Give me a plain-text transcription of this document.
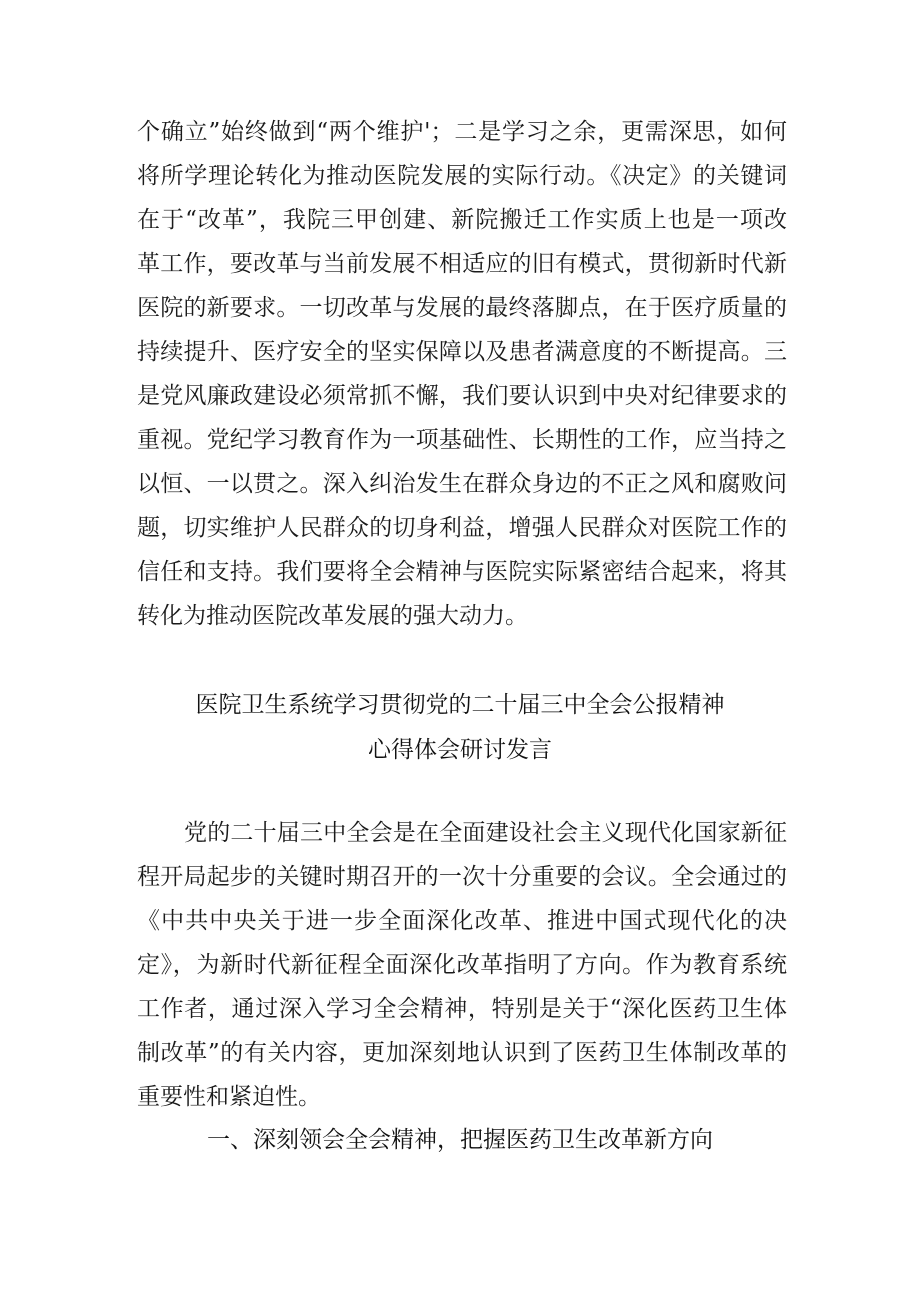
个确立”始终做到“两个维护'；二是学习之余，更需深思，如何
将所学理论转化为推动医院发展的实际行动。《决定》的关键词
在于“改革”，我院三甲创建、新院搬迁工作实质上也是一项改
革工作，要改革与当前发展不相适应的旧有模式，贯彻新时代新
医院的新要求。一切改革与发展的最终落脚点，在于医疗质量的
持续提升、医疗安全的坚实保障以及患者满意度的不断提高。三
是党风廉政建设必须常抓不懈，我们要认识到中央对纪律要求的
重视。党纪学习教育作为一项基础性、长期性的工作，应当持之
以恒、一以贯之。深入纠治发生在群众身边的不正之风和腐败问
题，切实维护人民群众的切身利益，增强人民群众对医院工作的
信任和支持。我们要将全会精神与医院实际紧密结合起来，将其
转化为推动医院改革发展的强大动力。
医院卫生系统学习贯彻党的二十届三中全会公报精神
心得体会研讨发言
党的二十届三中全会是在全面建设社会主义现代化国家新征
程开局起步的关键时期召开的一次十分重要的会议。全会通过的
《中共中央关于进一步全面深化改革、推进中国式现代化的决
定》，为新时代新征程全面深化改革指明了方向。作为教育系统
工作者，通过深入学习全会精神，特别是关于“深化医药卫生体
制改革”的有关内容，更加深刻地认识到了医药卫生体制改革的
重要性和紧迫性。
一、深刻领会全会精神，把握医药卫生改革新方向
